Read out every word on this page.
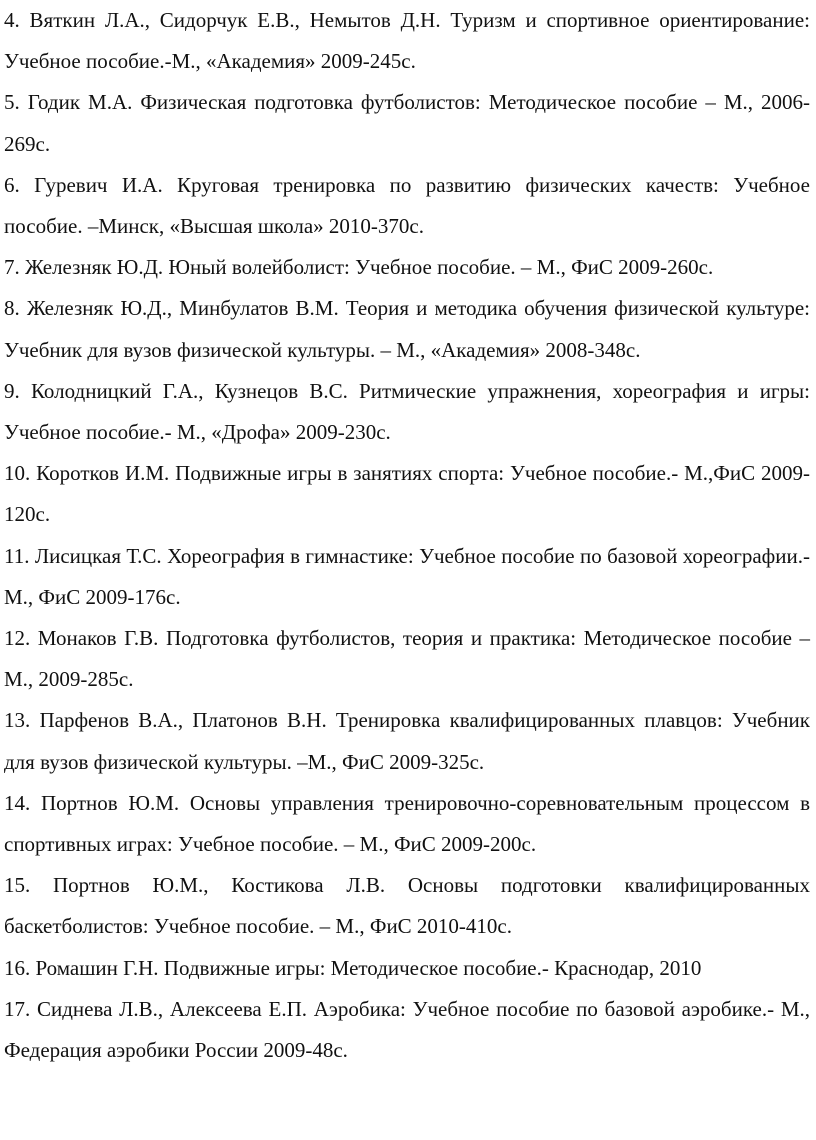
4. Вяткин Л.А., Сидорчук Е.В., Немытов Д.Н. Туризм и спортивное ориентирование: Учебное пособие.-М., «Академия» 2009-245с.
5. Годик М.А. Физическая подготовка футболистов: Методическое пособие – М., 2006-269с.
6. Гуревич И.А. Круговая тренировка по развитию физических качеств: Учебное пособие. –Минск, «Высшая школа» 2010-370с.
7. Железняк Ю.Д. Юный волейболист: Учебное пособие. – М., ФиС 2009-260с.
8. Железняк Ю.Д., Минбулатов В.М. Теория и методика обучения физической культуре: Учебник для вузов физической культуры. – М., «Академия» 2008-348с.
9. Колодницкий Г.А., Кузнецов В.С. Ритмические упражнения, хореография и игры: Учебное пособие.- М., «Дрофа» 2009-230с.
10. Коротков И.М. Подвижные игры в занятиях спорта: Учебное пособие.- М.,ФиС 2009-120с.
11. Лисицкая Т.С. Хореография в гимнастике: Учебное пособие по базовой хореографии.- М., ФиС 2009-176с.
12. Монаков Г.В. Подготовка футболистов, теория и практика: Методическое пособие – М., 2009-285с.
13. Парфенов В.А., Платонов В.Н. Тренировка квалифицированных плавцов: Учебник для вузов физической культуры. –М., ФиС 2009-325с.
14. Портнов Ю.М. Основы управления тренировочно-соревновательным процессом в спортивных играх: Учебное пособие. – М., ФиС 2009-200с.
15. Портнов Ю.М., Костикова Л.В. Основы подготовки квалифицированных баскетболистов: Учебное пособие. – М., ФиС 2010-410с.
16. Ромашин Г.Н. Подвижные игры: Методическое пособие.- Краснодар, 2010
17. Сиднева Л.В., Алексеева Е.П. Аэробика: Учебное пособие по базовой аэробике.- М., Федерация аэробики России 2009-48с.
